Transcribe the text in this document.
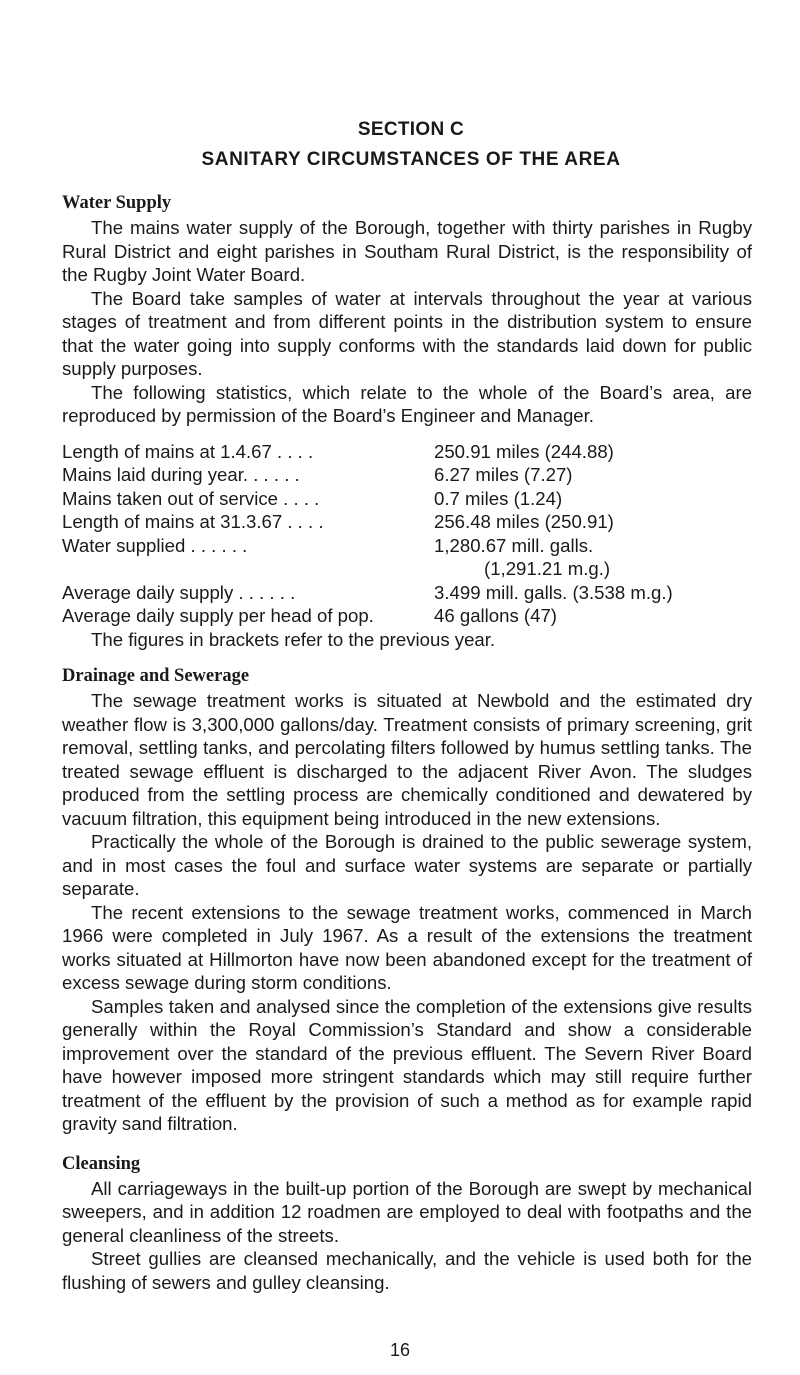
SECTION C
SANITARY CIRCUMSTANCES OF THE AREA
Water Supply

The mains water supply of the Borough, together with thirty parishes in Rugby Rural District and eight parishes in Southam Rural District, is the responsibility of the Rugby Joint Water Board.

The Board take samples of water at intervals throughout the year at various stages of treatment and from different points in the distribution system to ensure that the water going into supply conforms with the standards laid down for public supply purposes.

The following statistics, which relate to the whole of the Board’s area, are reproduced by permission of the Board’s Engineer and Manager.

Length of mains at 1.4.67 . . . .	250.91 miles (244.88)
Mains laid during year. . . . . .	6.27 miles (7.27)
Mains taken out of service . . . .	0.7 miles (1.24)
Length of mains at 31.3.67 . . . .	256.48 miles (250.91)
Water supplied . . . . . .	1,280.67 mill. galls.
(1,291.21 m.g.)
Average daily supply . . . . . .	3.499 mill. galls. (3.538 m.g.)
Average daily supply per head of pop.	46 gallons (47)

The figures in brackets refer to the previous year.

Drainage and Sewerage

The sewage treatment works is situated at Newbold and the estimated dry weather flow is 3,300,000 gallons/day. Treatment consists of primary screening, grit removal, settling tanks, and percolating filters followed by humus settling tanks. The treated sewage effluent is discharged to the adjacent River Avon. The sludges produced from the settling process are chemically conditioned and dewatered by vacuum filtration, this equipment being introduced in the new extensions.

Practically the whole of the Borough is drained to the public sewerage system, and in most cases the foul and surface water systems are separate or partially separate.

The recent extensions to the sewage treatment works, commenced in March 1966 were completed in July 1967. As a result of the extensions the treatment works situated at Hillmorton have now been abandoned except for the treatment of excess sewage during storm conditions.

Samples taken and analysed since the completion of the extensions give results generally within the Royal Commission’s Standard and show a considerable improvement over the standard of the previous effluent. The Severn River Board have however imposed more stringent standards which may still require further treatment of the effluent by the provision of such a method as for example rapid gravity sand filtration.

Cleansing

All carriageways in the built-up portion of the Borough are swept by mechanical sweepers, and in addition 12 roadmen are employed to deal with footpaths and the general cleanliness of the streets.

Street gullies are cleansed mechanically, and the vehicle is used both for the flushing of sewers and gulley cleansing.

16
